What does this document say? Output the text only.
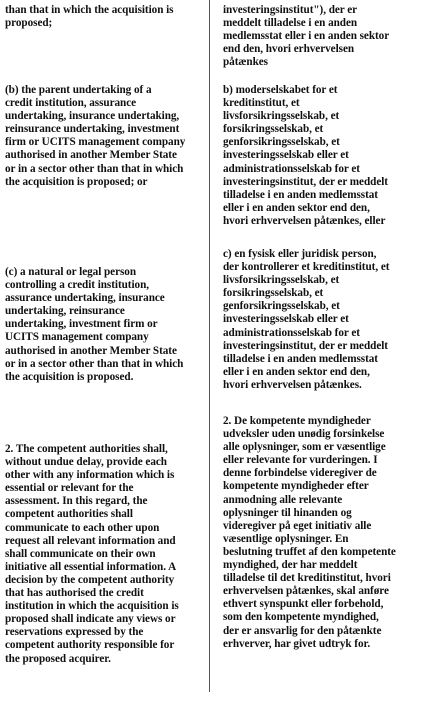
than that in which the acquisition is
proposed;

(b) the parent undertaking of a
credit institution, assurance
undertaking, insurance undertaking,
reinsurance undertaking, investment
firm or UCITS management company
authorised in another Member State
or in a sector other than that in which
the acquisition is proposed; or

(c) a natural or legal person
controlling a credit institution,
assurance undertaking, insurance
undertaking, reinsurance
undertaking, investment firm or
UCITS management company
authorised in another Member State
or in a sector other than that in which
the acquisition is proposed.

2. The competent authorities shall,
without undue delay, provide each
other with any information which is
essential or relevant for the
assessment. In this regard, the
competent authorities shall
communicate to each other upon
request all relevant information and
shall communicate on their own
initiative all essential information. A
decision by the competent authority
that has authorised the credit
institution in which the acquisition is
proposed shall indicate any views or
reservations expressed by the
competent authority responsible for
the proposed acquirer.

investeringsinstitut"), der er
meddelt tilladelse i en anden
medlemsstat eller i en anden sektor
end den, hvori erhvervelsen
påtænkes

b) moderselskabet for et
kreditinstitut, et
livsforsikringsselskab, et
forsikringsselskab, et
genforsikringsselskab, et
investeringsselskab eller et
administrationsselskab for et
investeringsinstitut, der er meddelt
tilladelse i en anden medlemsstat
eller i en anden sektor end den,
hvori erhvervelsen påtænkes, eller

c) en fysisk eller juridisk person,
der kontrollerer et kreditinstitut, et
livsforsikringsselskab, et
forsikringsselskab, et
genforsikringsselskab, et
investeringsselskab eller et
administrationsselskab for et
investeringsinstitut, der er meddelt
tilladelse i en anden medlemsstat
eller i en anden sektor end den,
hvori erhvervelsen påtænkes.

2. De kompetente myndigheder
udveksler uden unødig forsinkelse
alle oplysninger, som er væsentlige
eller relevante for vurderingen. I
denne forbindelse videregiver de
kompetente myndigheder efter
anmodning alle relevante
oplysninger til hinanden og
videregiver på eget initiativ alle
væsentlige oplysninger. En
beslutning truffet af den kompetente
myndighed, der har meddelt
tilladelse til det kreditinstitut, hvori
erhvervelsen påtænkes, skal anføre
ethvert synspunkt eller forbehold,
som den kompetente myndighed,
der er ansvarlig for den påtænkte
erhverver, har givet udtryk for.
